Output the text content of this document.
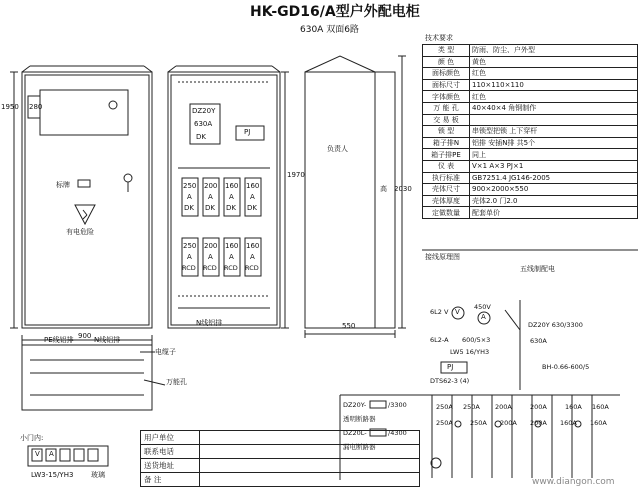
HK-GD16/A型户外配电柜
630A 双面6路
1950 280
标牌
有电危险
900
DZ20Y
630A
DK
PJ
1970
250
A
DK
200
A
DK
160
A
DK
160
A
DK
250
A
RCD
200
A
RCD
160
A
RCD
160
A
RCD
N线铝排
负责人
高 2030
550
PE线铝排	N线铝排
电缆子
万能孔
小门内:
V A
LW3-15/YH3	玻璃
用户单位	
联系电话	
送货地址	
备 注	
技术要求
类 型	防雨、防尘、户外型
颜 色	黄色
面标颜色	红色
面标尺寸	110×110×110
字体颜色	红色
万 能 孔	40×40×4 角钢制作
交 易 板	
锁 型	串锁型把锁 上下穿杆
箱子排N	铝排 安插N排 共5个
箱子排PE	同上
仪 表	V×1 A×3 PJ×1
执行标准	GB7251.4 JG146-2005
壳体尺寸	900×2000×550
壳体厚度	壳体2.0 门2.0
定做数量	配套单价
接线原理图
五线制配电
6L2 V V
450V
A
6L2-A 600/5×3
LW5 16/YH3
PJ
DZ20Y 630/3300
630A
BH-0.66-600/5
DTS62-3 (4)
250A 250A 200A	200A	160A 160A
250A	250A 200A 200A 160A 160A
DZ20Y-	/3300
透明断路器
DZ20L-	/4300
漏电断路器
www.diangon.com
